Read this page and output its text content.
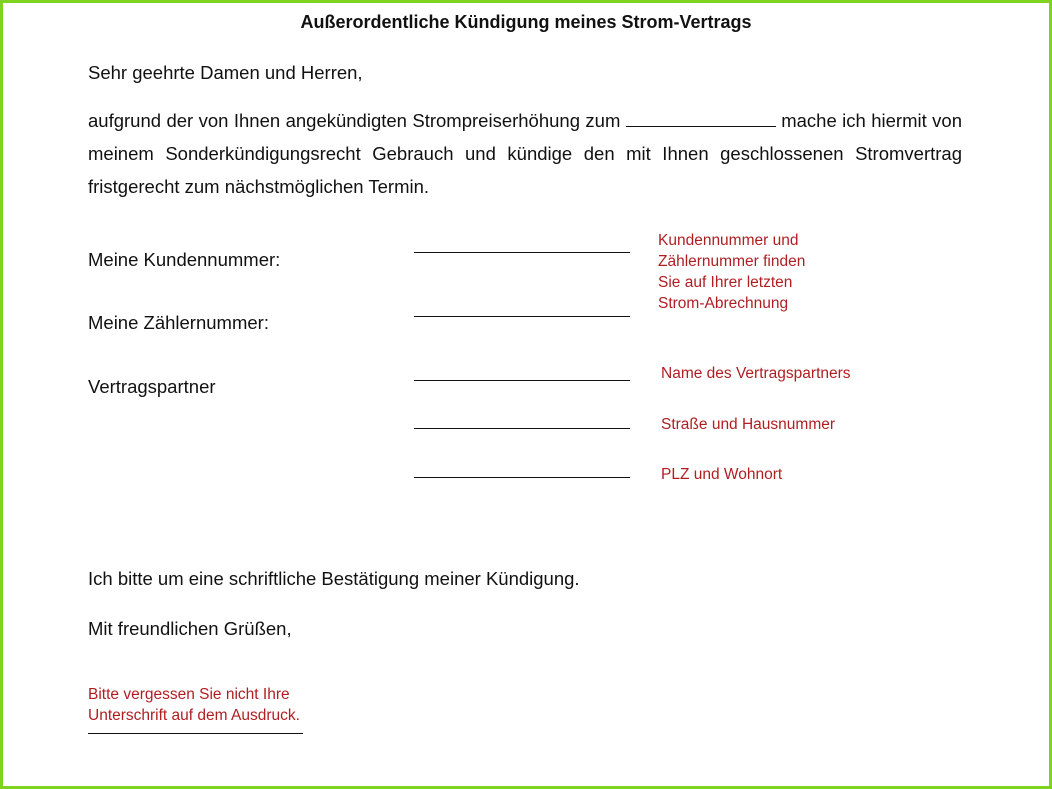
Außerordentliche Kündigung meines Strom-Vertrags
Sehr geehrte Damen und Herren,
aufgrund der von Ihnen angekündigten Strompreiserhöhung zum	mache ich hiermit von meinem Sonderkündigungsrecht Gebrauch und kündige den mit Ihnen geschlossenen Stromvertrag fristgerecht zum nächstmöglichen Termin.
Meine Kundennummer:
Meine Zählernummer:
Vertragspartner
Kundennummer und
Zählernummer finden
Sie auf Ihrer letzten
Strom-Abrechnung
Name des Vertragspartners
Straße und Hausnummer
PLZ und Wohnort
Ich bitte um eine schriftliche Bestätigung meiner Kündigung.
Mit freundlichen Grüßen,
Bitte vergessen Sie nicht Ihre
Unterschrift auf dem Ausdruck.
